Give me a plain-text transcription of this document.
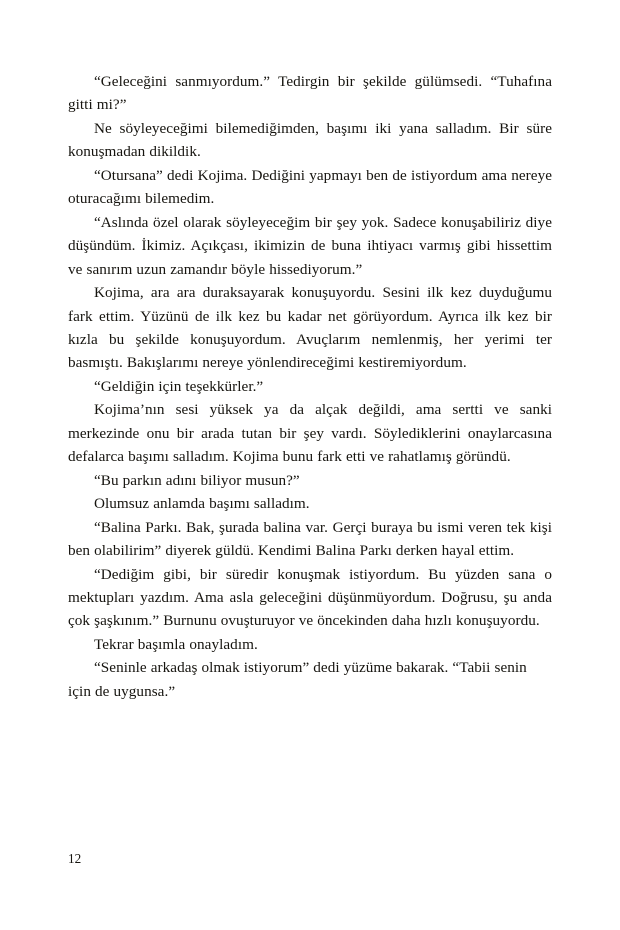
“Geleceğini sanmıyordum.” Tedirgin bir şekilde gülümsedi. “Tuhafına gitti mi?”

Ne söyleyeceğimi bilemediğimden, başımı iki yana salladım. Bir süre konuşmadan dikildik.

“Otursana” dedi Kojima. Dediğini yapmayı ben de istiyordum ama nereye oturacağımı bilemedim.

“Aslında özel olarak söyleyeceğim bir şey yok. Sadece konuşabiliriz diye düşündüm. İkimiz. Açıkçası, ikimizin de buna ihtiyacı varmış gibi hissettim ve sanırım uzun zamandır böyle hissediyorum.”

Kojima, ara ara duraksayarak konuşuyordu. Sesini ilk kez duyduğumu fark ettim. Yüzünü de ilk kez bu kadar net görüyordum. Ayrıca ilk kez bir kızla bu şekilde konuşuyordum. Avuçlarım nemlenmiş, her yerimi ter basmıştı. Bakışlarımı nereye yönlendireceğimi kestiremiyordum.

“Geldiğin için teşekkürler.”

Kojima’nın sesi yüksek ya da alçak değildi, ama sertti ve sanki merkezinde onu bir arada tutan bir şey vardı. Söylediklerini onaylarcasına defalarca başımı salladım. Kojima bunu fark etti ve rahatlamış göründü.

“Bu parkın adını biliyor musun?”

Olumsuz anlamda başımı salladım.

“Balina Parkı. Bak, şurada balina var. Gerçi buraya bu ismi veren tek kişi ben olabilirim” diyerek güldü. Kendimi Balina Parkı derken hayal ettim.

“Dediğim gibi, bir süredir konuşmak istiyordum. Bu yüzden sana o mektupları yazdım. Ama asla geleceğini düşünmüyordum. Doğrusu, şu anda çok şaşkınım.” Burnunu ovuşturuyor ve öncekinden daha hızlı konuşuyordu.

Tekrar başımla onayladım.

“Seninle arkadaş olmak istiyorum” dedi yüzüme bakarak. “Tabii senin için de uygunsa.”

12
